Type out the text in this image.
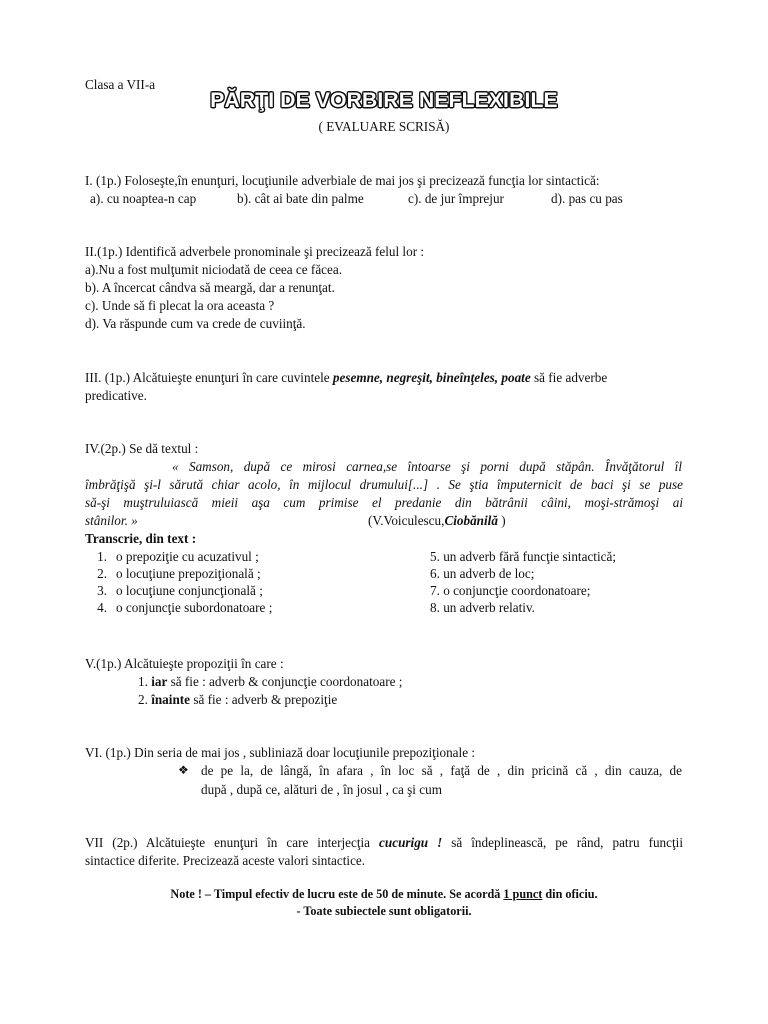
Clasa a VII-a
PĂRŢI DE VORBIRE NEFLEXIBILE
( EVALUARE SCRISĂ)
I. (1p.) Foloseşte,în enunţuri, locuţiunile adverbiale de mai jos şi precizează funcţia lor sintactică:
a). cu noaptea-n cap	b). cât ai bate din palme	c). de jur împrejur	d). pas cu pas
II.(1p.) Identifică adverbele pronominale şi precizează felul lor :
a).Nu a fost mulţumit niciodată de ceea ce făcea.
b). A încercat cândva să meargă, dar a renunţat.
c). Unde să fi plecat la ora aceasta ?
d). Va răspunde cum va crede de cuviinţă.
III. (1p.) Alcătuieşte enunţuri în care cuvintele pesemne, negreşit, bineînţeles, poate să fie adverbe
predicative.
IV.(2p.) Se dă textul :
« Samson, după ce mirosi carnea,se întoarse şi porni după stăpân. Învăţătorul îl
îmbrăţişă şi-l sărută chiar acolo, în mijlocul drumului[...] . Se ştia împuternicit de baci şi se puse
să-şi muştruluiască mieii aşa cum primise el predanie din bătrânii câini, moşi-strămoşi ai
stânilor. »	(V.Voiculescu,Ciobănilă )
Transcrie, din text :
1. o prepoziţie cu acuzativul ;
2. o locuţiune prepoziţională ;
3. o locuţiune conjuncţională ;
4. o conjuncţie subordonatoare ;
5. un adverb fără funcţie sintactică;
6. un adverb de loc;
7. o conjuncţie coordonatoare;
8. un adverb relativ.
V.(1p.) Alcătuieşte propoziţii în care :
1. iar să fie : adverb & conjuncţie coordonatoare ;
2. înainte să fie : adverb & prepoziţie
VI. (1p.) Din seria de mai jos , subliniază doar locuţiunile prepoziţionale :
❖ de pe la, de lângă, în afara , în loc să , faţă de , din pricină că , din cauza, de
după , după ce, alături de , în josul , ca şi cum
VII (2p.) Alcătuieşte enunţuri în care interjecţia cucurigu ! să îndeplinească, pe rând, patru funcţii
sintactice diferite. Precizează aceste valori sintactice.
Note ! – Timpul efectiv de lucru este de 50 de minute. Se acordă 1 punct din oficiu.
- Toate subiectele sunt obligatorii.
